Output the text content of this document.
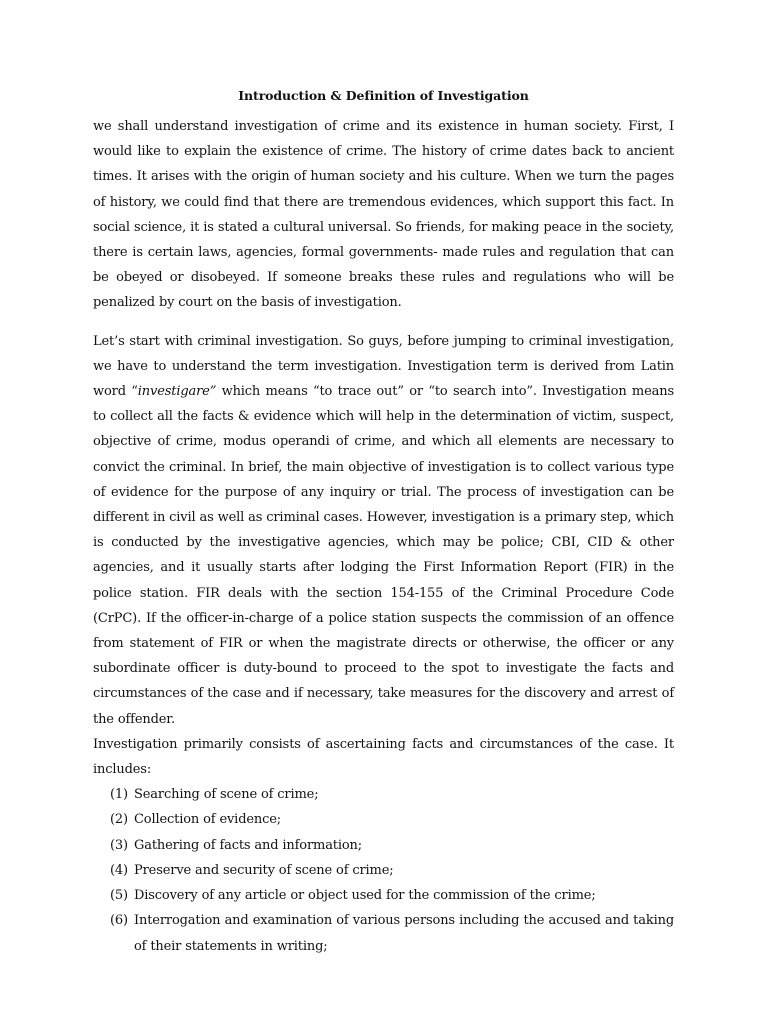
Introduction & Definition of Investigation

we shall understand investigation of crime and its existence in human society. First, I would like to explain the existence of crime. The history of crime dates back to ancient times. It arises with the origin of human society and his culture. When we turn the pages of history, we could find that there are tremendous evidences, which support this fact. In social science, it is stated a cultural universal. So friends, for making peace in the society, there is certain laws, agencies, formal governments- made rules and regulation that can be obeyed or disobeyed. If someone breaks these rules and regulations who will be penalized by court on the basis of investigation.

Let’s start with criminal investigation. So guys, before jumping to criminal investigation, we have to understand the term investigation. Investigation term is derived from Latin word “investigare” which means “to trace out” or “to search into”. Investigation means to collect all the facts & evidence which will help in the determination of victim, suspect, objective of crime, modus operandi of crime, and which all elements are necessary to convict the criminal. In brief, the main objective of investigation is to collect various type of evidence for the purpose of any inquiry or trial. The process of investigation can be different in civil as well as criminal cases. However, investigation is a primary step, which is conducted by the investigative agencies, which may be police; CBI, CID & other agencies, and it usually starts after lodging the First Information Report (FIR) in the police station. FIR deals with the section 154-155 of the Criminal Procedure Code (CrPC). If the officer-in-charge of a police station suspects the commission of an offence from statement of FIR or when the magistrate directs or otherwise, the officer or any subordinate officer is duty-bound to proceed to the spot to investigate the facts and circumstances of the case and if necessary, take measures for the discovery and arrest of the offender.

Investigation primarily consists of ascertaining facts and circumstances of the case. It includes:

(1) Searching of scene of crime;
(2) Collection of evidence;
(3) Gathering of facts and information;
(4) Preserve and security of scene of crime;
(5) Discovery of any article or object used for the commission of the crime;
(6) Interrogation and examination of various persons including the accused and taking of their statements in writing;
